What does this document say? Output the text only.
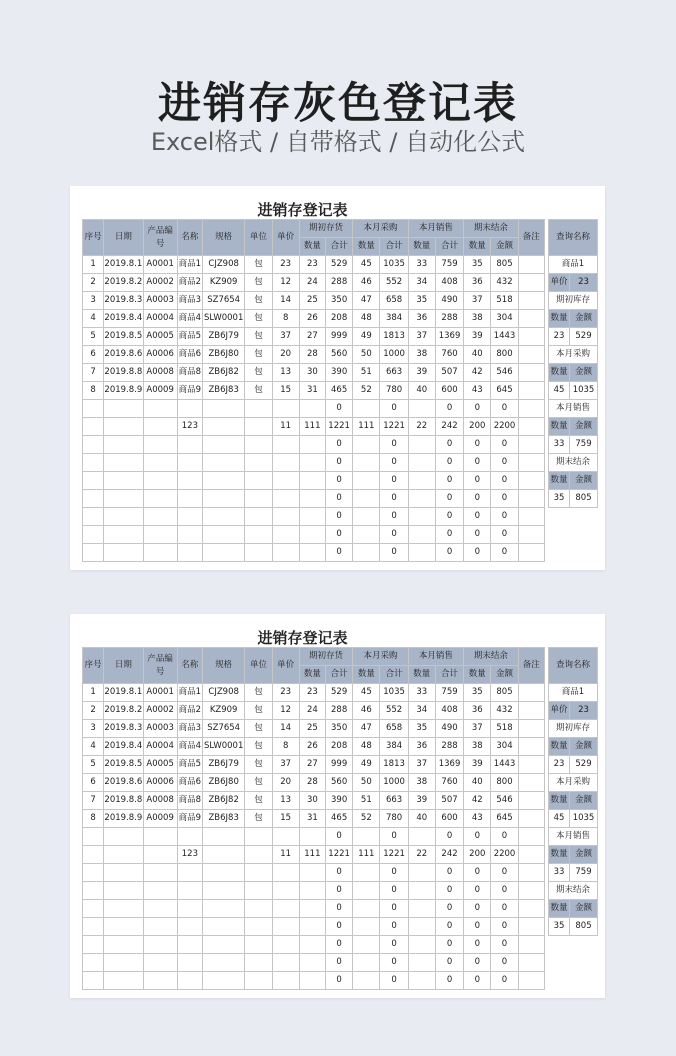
进销存灰色登记表
Excel格式 / 自带格式 / 自动化公式
进销存登记表
序号	日期	产品编号	名称	规格	单位	单价	期初存货		本月采购		本月销售		期末结余		备注
							数量	合计	数量	合计	数量	合计	数量	金额	
1	2019.8.1	A0001	商品1	CJZ908	包	23	23	529	45	1035	33	759	35	805	
2	2019.8.2	A0002	商品2	KZ909	包	12	24	288	46	552	34	408	36	432	
3	2019.8.3	A0003	商品3	SZ7654	包	14	25	350	47	658	35	490	37	518	
4	2019.8.4	A0004	商品4	SLW0001	包	8	26	208	48	384	36	288	38	304	
5	2019.8.5	A0005	商品5	ZB6J79	包	37	27	999	49	1813	37	1369	39	1443	
6	2019.8.6	A0006	商品6	ZB6J80	包	20	28	560	50	1000	38	760	40	800	
7	2019.8.8	A0008	商品8	ZB6J82	包	13	30	390	51	663	39	507	42	546	
8	2019.8.9	A0009	商品9	ZB6J83	包	15	31	465	52	780	40	600	43	645	
								0		0		0	0	0	
			123			11	111	1221	111	1221	22	242	200	2200	
								0		0		0	0	0	
								0		0		0	0	0	
								0		0		0	0	0	
								0		0		0	0	0	
								0		0		0	0	0	
								0		0		0	0	0	
								0		0		0	0	0	
查询名称	
商品1	
单价	23
期初库存	
数量	金额
23	529
本月采购	
数量	金额
45	1035
本月销售	
数量	金额
33	759
期末结余	
数量	金额
35	805
进销存登记表
序号	日期	产品编号	名称	规格	单位	单价	期初存货		本月采购		本月销售		期末结余		备注
							数量	合计	数量	合计	数量	合计	数量	金额	
1	2019.8.1	A0001	商品1	CJZ908	包	23	23	529	45	1035	33	759	35	805	
2	2019.8.2	A0002	商品2	KZ909	包	12	24	288	46	552	34	408	36	432	
3	2019.8.3	A0003	商品3	SZ7654	包	14	25	350	47	658	35	490	37	518	
4	2019.8.4	A0004	商品4	SLW0001	包	8	26	208	48	384	36	288	38	304	
5	2019.8.5	A0005	商品5	ZB6J79	包	37	27	999	49	1813	37	1369	39	1443	
6	2019.8.6	A0006	商品6	ZB6J80	包	20	28	560	50	1000	38	760	40	800	
7	2019.8.8	A0008	商品8	ZB6J82	包	13	30	390	51	663	39	507	42	546	
8	2019.8.9	A0009	商品9	ZB6J83	包	15	31	465	52	780	40	600	43	645	
								0		0		0	0	0	
			123			11	111	1221	111	1221	22	242	200	2200	
								0		0		0	0	0	
								0		0		0	0	0	
								0		0		0	0	0	
								0		0		0	0	0	
								0		0		0	0	0	
								0		0		0	0	0	
								0		0		0	0	0	
查询名称	
商品1	
单价	23
期初库存	
数量	金额
23	529
本月采购	
数量	金额
45	1035
本月销售	
数量	金额
33	759
期末结余	
数量	金额
35	805
